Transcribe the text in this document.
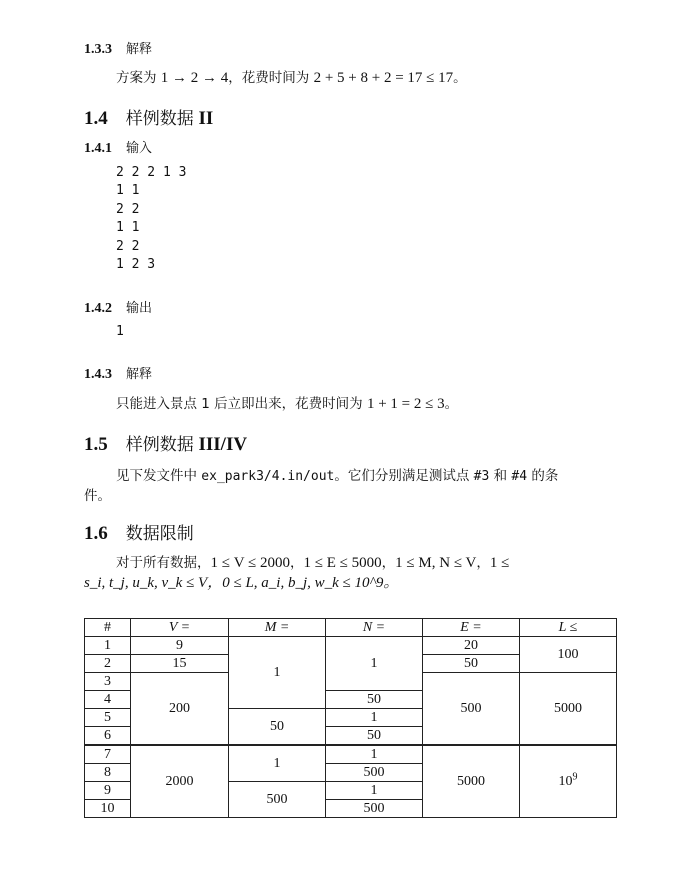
1.3.3 解释
方案为 1 → 2 → 4，花费时间为 2 + 5 + 8 + 2 = 17 ≤ 17。
1.4 样例数据 II
1.4.1 输入
2 2 2 1 3
1 1
2 2
1 1
2 2
1 2 3
1.4.2 输出
1
1.4.3 解释
只能进入景点 1 后立即出来，花费时间为 1 + 1 = 2 ≤ 3。
1.5 样例数据 III/IV
见下发文件中 ex_park3/4.in/out。它们分别满足测试点 #3 和 #4 的条
件。
1.6 数据限制
对于所有数据，1 ≤ V ≤ 2000，1 ≤ E ≤ 5000，1 ≤ M, N ≤ V，1 ≤
s_i, t_j, u_k, v_k ≤ V，0 ≤ L, a_i, b_j, w_k ≤ 10^9。
#	V =	M =	N =	E =	L ≤
1	9	1	1	20	100
2	15			50	
3	200			500	5000
4			50		
5		50	1		
6			50		
7	2000	1	1	5000	$10^9$
8			500		
9		500	1		
10			500		
